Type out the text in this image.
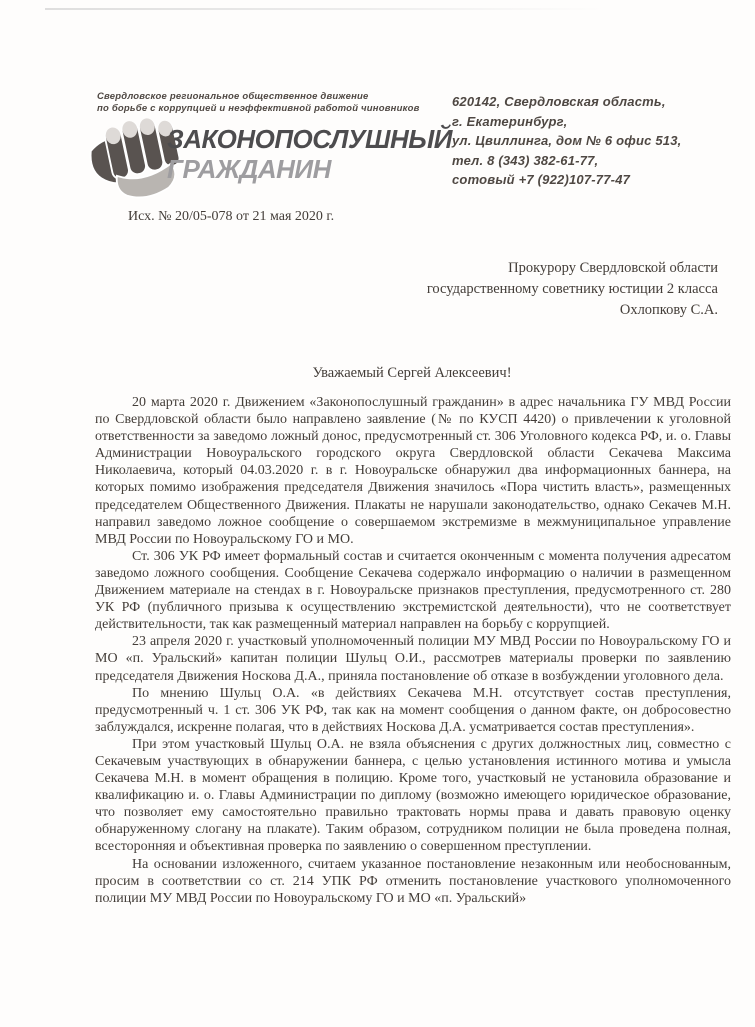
Свердловское региональное общественное движение
по борьбе с коррупцией и неэффективной работой чиновников
ЗАКОНОПОСЛУШНЫЙ
ГРАЖДАНИН
620142, Свердловская область,
г. Екатеринбург,
ул. Цвиллинга, дом № 6 офис 513,
тел. 8 (343) 382-61-77,
сотовый +7 (922)107-77-47
Исх. № 20/05-078 от 21 мая 2020 г.
Прокурору Свердловской области
государственному советнику юстиции 2 класса
Охлопкову С.А.
Уважаемый Сергей Алексеевич!

20 марта 2020 г. Движением «Законопослушный гражданин» в адрес начальника ГУ МВД России по Свердловской области было направлено заявление (№ по КУСП 4420) о привлечении к уголовной ответственности за заведомо ложный донос, предусмотренный ст. 306 Уголовного кодекса РФ, и. о. Главы Администрации Новоуральского городского округа Свердловской области Секачева Максима Николаевича, который 04.03.2020 г. в г. Новоуральске обнаружил два информационных баннера, на которых помимо изображения председателя Движения значилось «Пора чистить власть», размещенных председателем Общественного Движения. Плакаты не нарушали законодательство, однако Секачев М.Н. направил заведомо ложное сообщение о совершаемом экстремизме в межмуниципальное управление МВД России по Новоуральскому ГО и МО.

Ст. 306 УК РФ имеет формальный состав и считается оконченным с момента получения адресатом заведомо ложного сообщения. Сообщение Секачева содержало информацию о наличии в размещенном Движением материале на стендах в г. Новоуральске признаков преступления, предусмотренного ст. 280 УК РФ (публичного призыва к осуществлению экстремистской деятельности), что не соответствует действительности, так как размещенный материал направлен на борьбу с коррупцией.

23 апреля 2020 г. участковый уполномоченный полиции МУ МВД России по Новоуральскому ГО и МО «п. Уральский» капитан полиции Шульц О.И., рассмотрев материалы проверки по заявлению председателя Движения Носкова Д.А., приняла постановление об отказе в возбуждении уголовного дела.

По мнению Шульц О.А. «в действиях Секачева М.Н. отсутствует состав преступления, предусмотренный ч. 1 ст. 306 УК РФ, так как на момент сообщения о данном факте, он добросовестно заблуждался, искренне полагая, что в действиях Носкова Д.А. усматривается состав преступления».

При этом участковый Шульц О.А. не взяла объяснения с других должностных лиц, совместно с Секачевым участвующих в обнаружении баннера, с целью установления истинного мотива и умысла Секачева М.Н. в момент обращения в полицию. Кроме того, участковый не установила образование и квалификацию и. о. Главы Администрации по диплому (возможно имеющего юридическое образование, что позволяет ему самостоятельно правильно трактовать нормы права и давать правовую оценку обнаруженному слогану на плакате). Таким образом, сотрудником полиции не была проведена полная, всесторонняя и объективная проверка по заявлению о совершенном преступлении.

На основании изложенного, считаем указанное постановление незаконным или необоснованным, просим в соответствии со ст. 214 УПК РФ отменить постановление участкового уполномоченного полиции МУ МВД России по Новоуральскому ГО и МО «п. Уральский»
